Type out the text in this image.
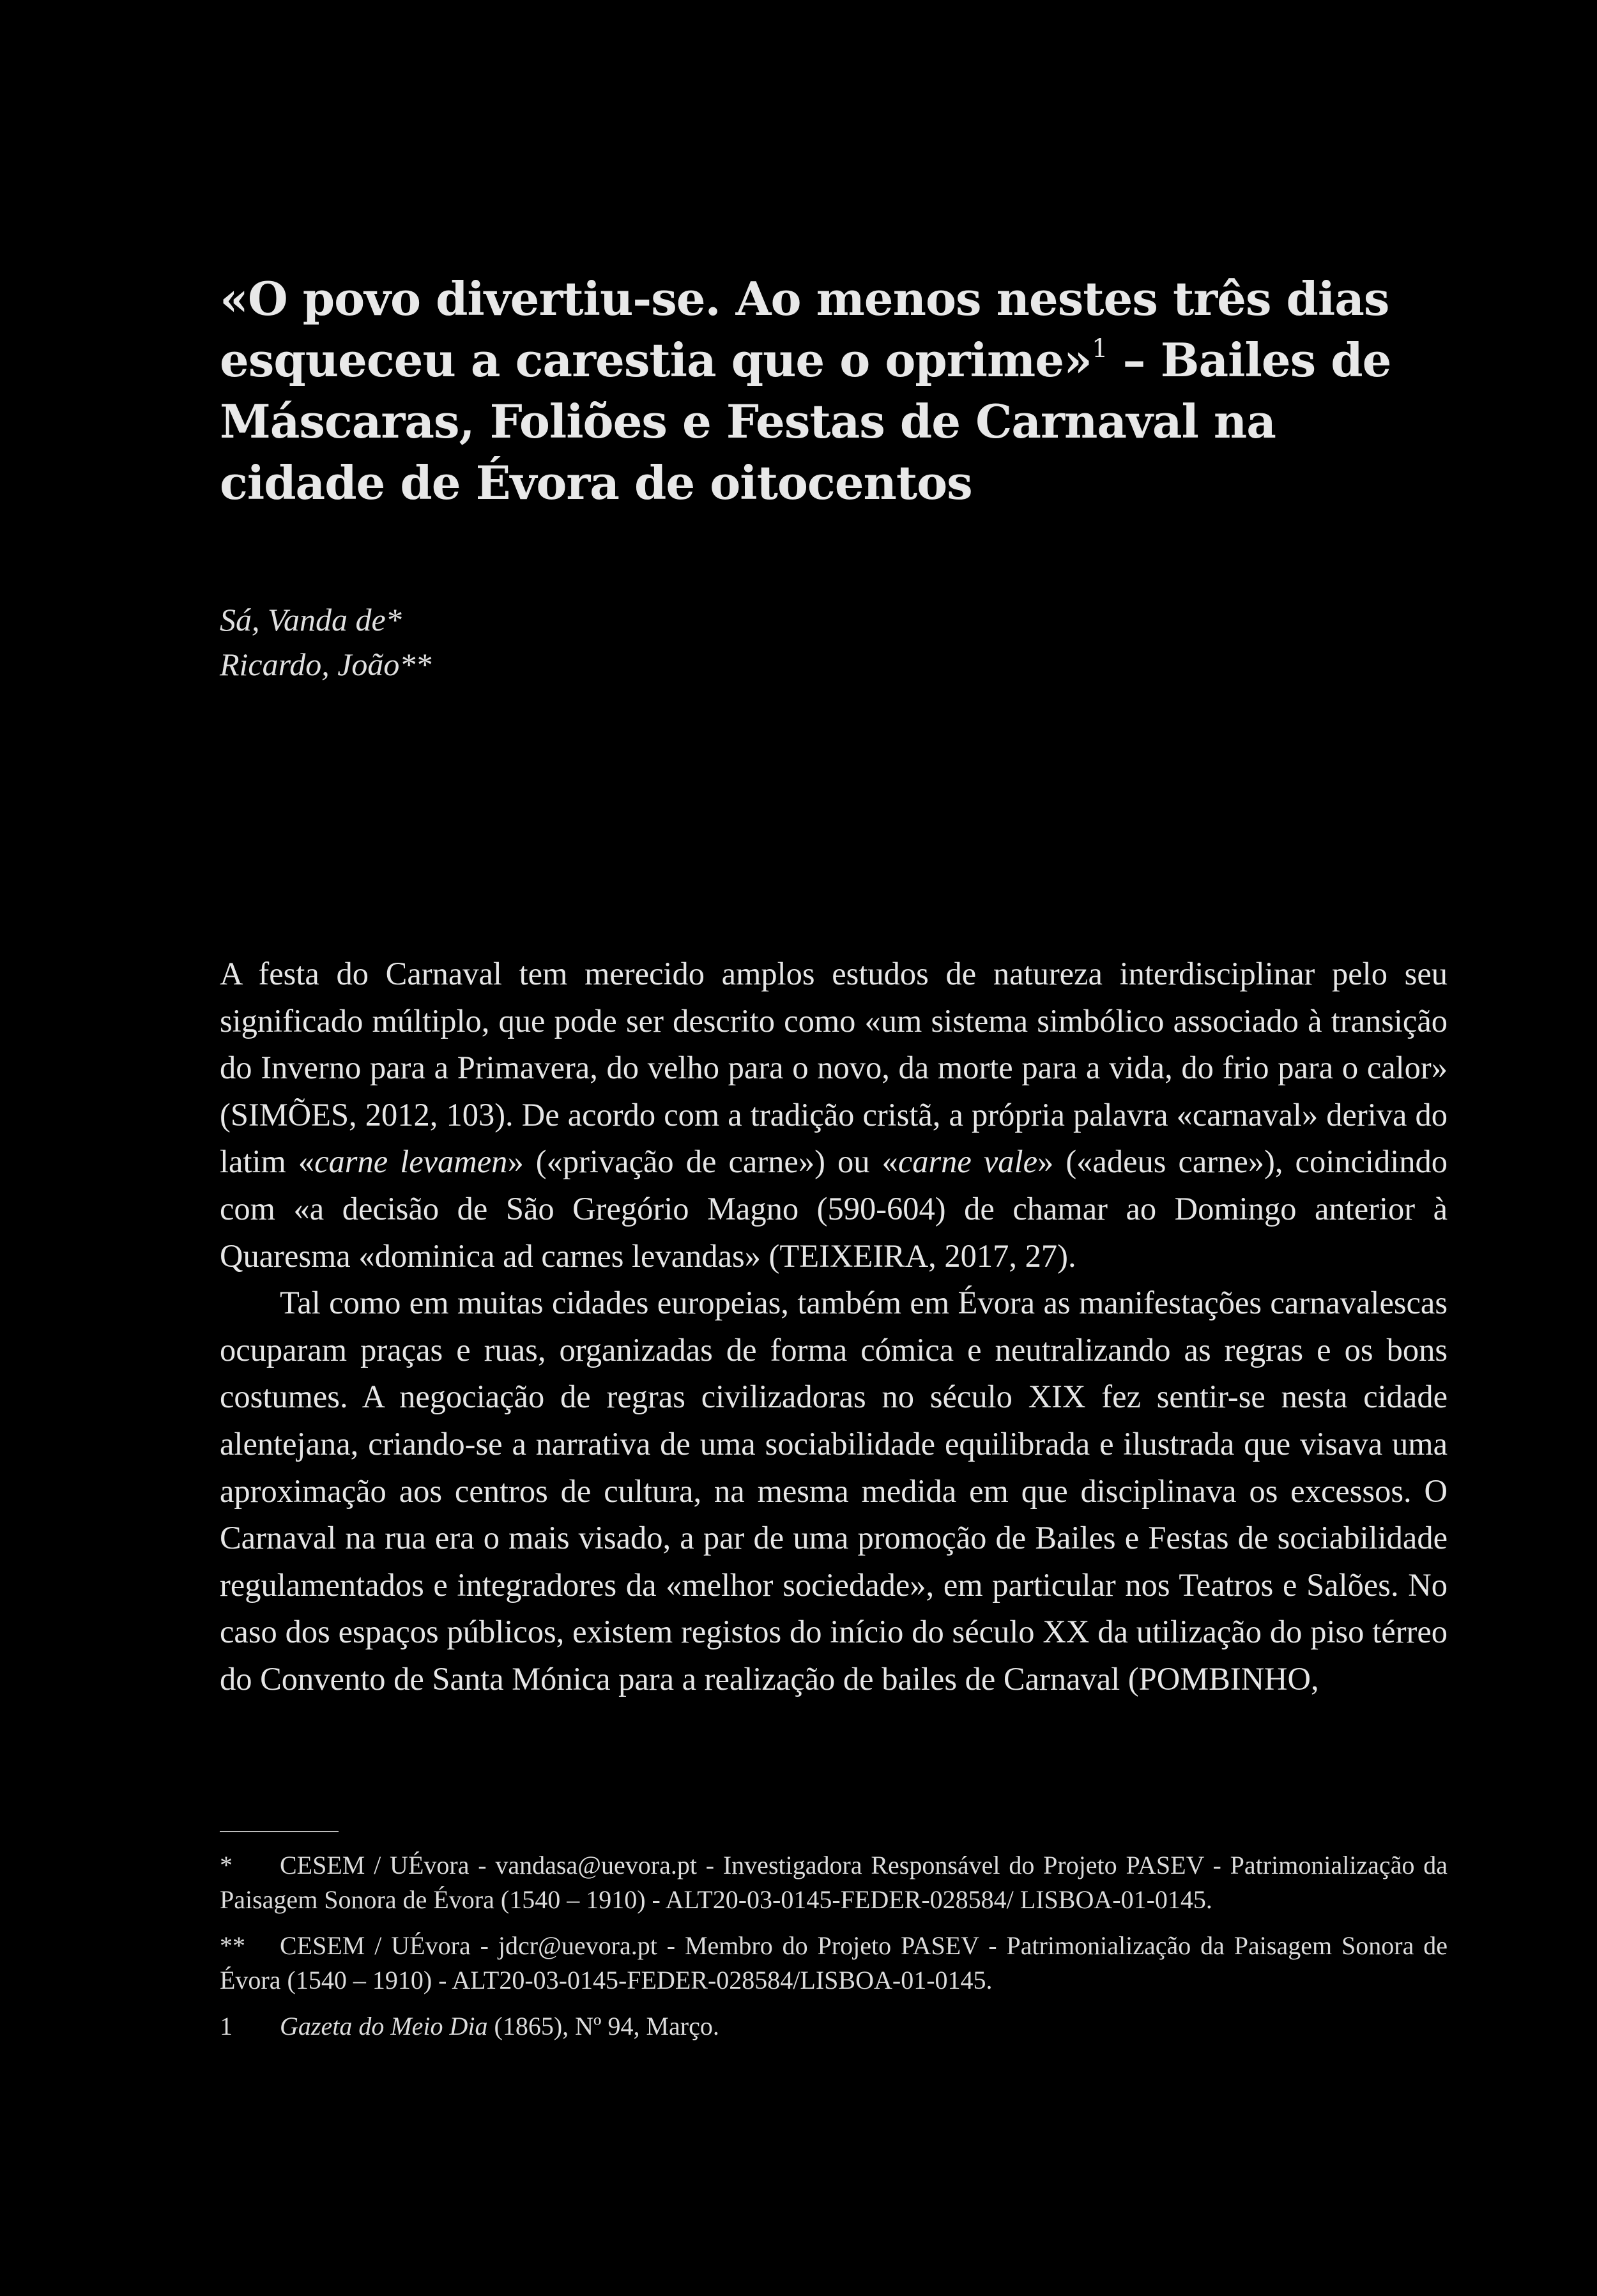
«O povo divertiu-se. Ao menos nestes três dias esqueceu a carestia que o oprime»$^1$ – Bailes de Máscaras, Foliões e Festas de Carnaval na cidade de Évora de oitocentos
Sá, Vanda de*
Ricardo, João**

A festa do Carnaval tem merecido amplos estudos de natureza interdisciplinar pelo seu significado múltiplo, que pode ser descrito como «um sistema simbólico associado à transição do Inverno para a Primavera, do velho para o novo, da morte para a vida, do frio para o calor» (SIMÕES, 2012, 103). De acordo com a tradição cristã, a própria palavra «carnaval» deriva do latim «carne levamen» («privação de carne») ou «carne vale» («adeus carne»), coincidindo com «a decisão de São Gregório Magno (590-604) de chamar ao Domingo anterior à Quaresma «dominica ad carnes levandas» (TEIXEIRA, 2017, 27).

Tal como em muitas cidades europeias, também em Évora as manifestações carnavalescas ocuparam praças e ruas, organizadas de forma cómica e neutralizando as regras e os bons costumes. A negociação de regras civilizadoras no século XIX fez sentir-se nesta cidade alentejana, criando-se a narrativa de uma sociabilidade equilibrada e ilustrada que visava uma aproximação aos centros de cultura, na mesma medida em que disciplinava os excessos. O Carnaval na rua era o mais visado, a par de uma promoção de Bailes e Festas de sociabilidade regulamentados e integradores da «melhor sociedade», em particular nos Teatros e Salões. No caso dos espaços públicos, existem registos do início do século XX da utilização do piso térreo do Convento de Santa Mónica para a realização de bailes de Carnaval (POMBINHO,

* CESEM / UÉvora - vandasa@uevora.pt - Investigadora Responsável do Projeto PASEV - Patrimonialização da Paisagem Sonora de Évora (1540 – 1910) - ALT20-03-0145-FEDER-028584/ LISBOA-01-0145.

** CESEM / UÉvora - jdcr@uevora.pt - Membro do Projeto PASEV - Patrimonialização da Paisagem Sonora de Évora (1540 – 1910) - ALT20-03-0145-FEDER-028584/LISBOA-01-0145.

1 Gazeta do Meio Dia (1865), Nº 94, Março.
